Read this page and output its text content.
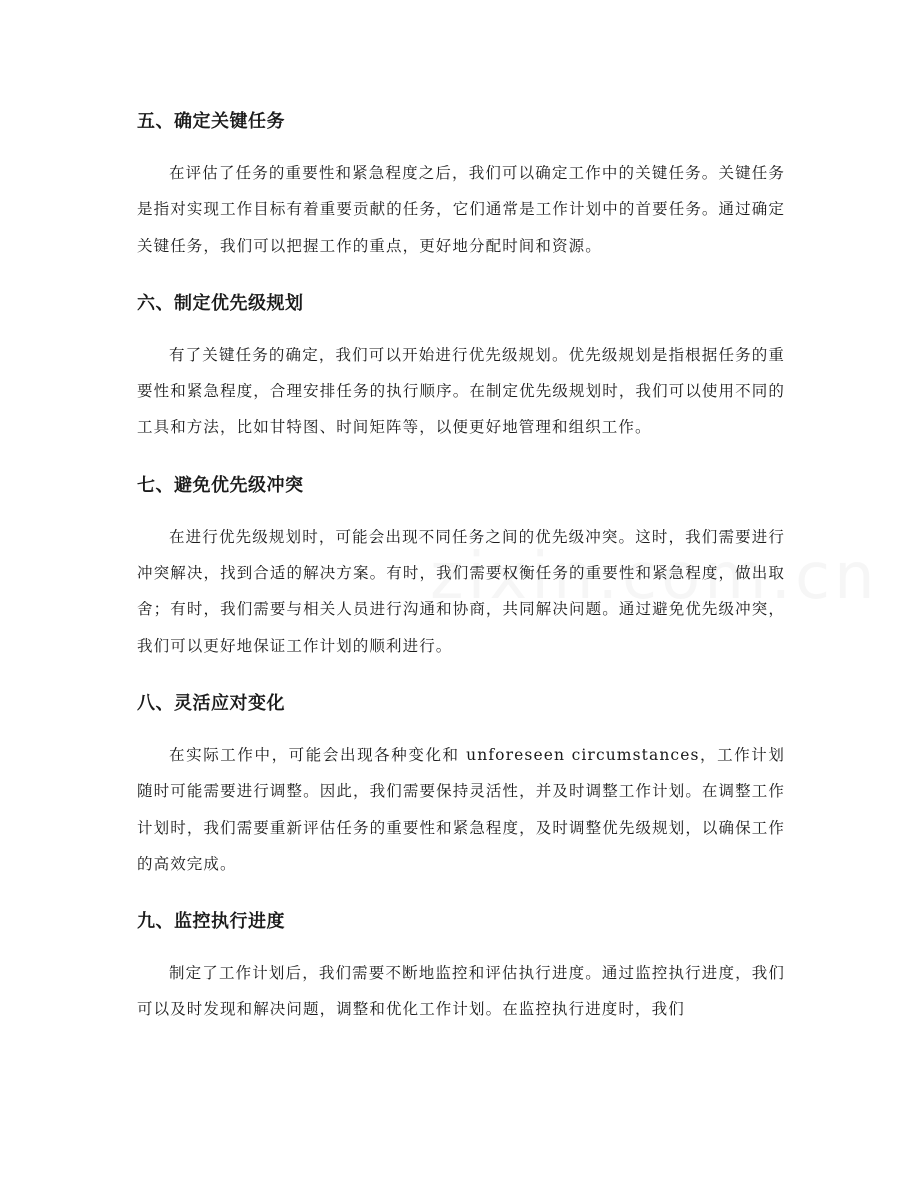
五、确定关键任务

在评估了任务的重要性和紧急程度之后，我们可以确定工作中的关键任务。关键任务是指对实现工作目标有着重要贡献的任务，它们通常是工作计划中的首要任务。通过确定关键任务，我们可以把握工作的重点，更好地分配时间和资源。

六、制定优先级规划

有了关键任务的确定，我们可以开始进行优先级规划。优先级规划是指根据任务的重要性和紧急程度，合理安排任务的执行顺序。在制定优先级规划时，我们可以使用不同的工具和方法，比如甘特图、时间矩阵等，以便更好地管理和组织工作。

七、避免优先级冲突

在进行优先级规划时，可能会出现不同任务之间的优先级冲突。这时，我们需要进行冲突解决，找到合适的解决方案。有时，我们需要权衡任务的重要性和紧急程度，做出取舍；有时，我们需要与相关人员进行沟通和协商，共同解决问题。通过避免优先级冲突，我们可以更好地保证工作计划的顺利进行。

八、灵活应对变化

在实际工作中，可能会出现各种变化和 unforeseen circumstances，工作计划随时可能需要进行调整。因此，我们需要保持灵活性，并及时调整工作计划。在调整工作计划时，我们需要重新评估任务的重要性和紧急程度，及时调整优先级规划，以确保工作的高效完成。

九、监控执行进度

制定了工作计划后，我们需要不断地监控和评估执行进度。通过监控执行进度，我们可以及时发现和解决问题，调整和优化工作计划。在监控执行进度时，我们
